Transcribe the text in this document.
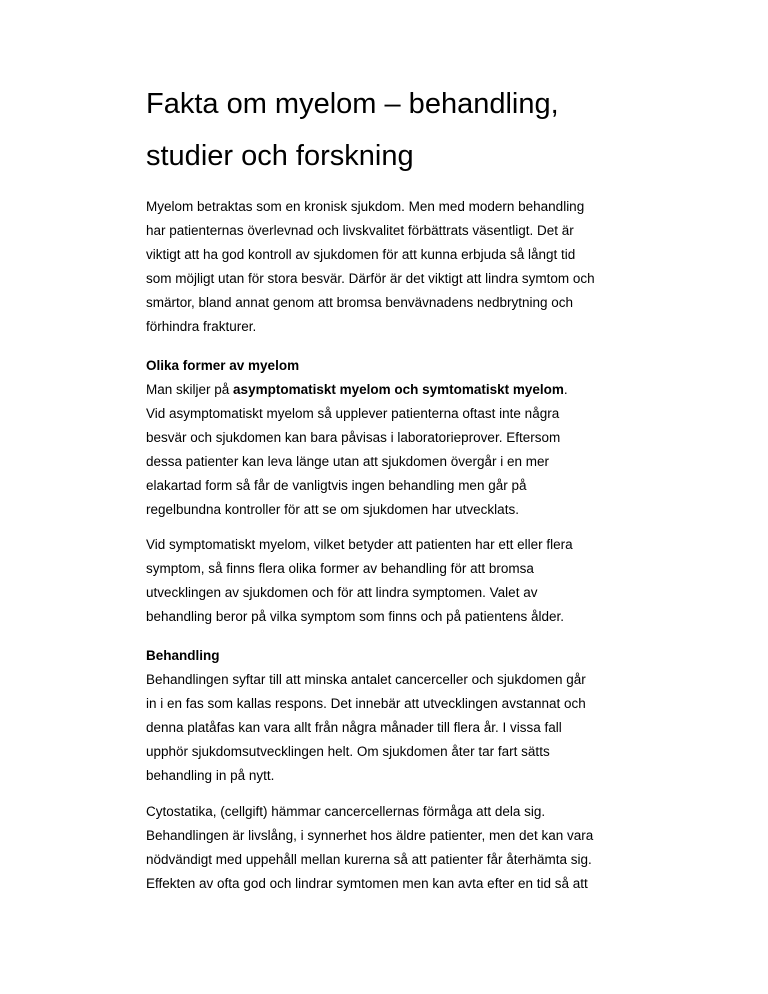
Fakta om myelom – behandling,
studier och forskning
Myelom betraktas som en kronisk sjukdom. Men med modern behandling
har patienternas överlevnad och livskvalitet förbättrats väsentligt. Det är
viktigt att ha god kontroll av sjukdomen för att kunna erbjuda så långt tid
som möjligt utan för stora besvär. Därför är det viktigt att lindra symtom och
smärtor, bland annat genom att bromsa benvävnadens nedbrytning och
förhindra frakturer.
Olika former av myelom
Man skiljer på asymptomatiskt myelom och symtomatiskt myelom.
Vid asymptomatiskt myelom så upplever patienterna oftast inte några
besvär och sjukdomen kan bara påvisas i laboratorieprover. Eftersom
dessa patienter kan leva länge utan att sjukdomen övergår i en mer
elakartad form så får de vanligtvis ingen behandling men går på
regelbundna kontroller för att se om sjukdomen har utvecklats.
Vid symptomatiskt myelom, vilket betyder att patienten har ett eller flera
symptom, så finns flera olika former av behandling för att bromsa
utvecklingen av sjukdomen och för att lindra symptomen. Valet av
behandling beror på vilka symptom som finns och på patientens ålder.
Behandling
Behandlingen syftar till att minska antalet cancerceller och sjukdomen går
in i en fas som kallas respons. Det innebär att utvecklingen avstannat och
denna platåfas kan vara allt från några månader till flera år. I vissa fall
upphör sjukdomsutvecklingen helt. Om sjukdomen åter tar fart sätts
behandling in på nytt.
Cytostatika, (cellgift) hämmar cancercellernas förmåga att dela sig.
Behandlingen är livslång, i synnerhet hos äldre patienter, men det kan vara
nödvändigt med uppehåll mellan kurerna så att patienter får återhämta sig.
Effekten av ofta god och lindrar symtomen men kan avta efter en tid så att
